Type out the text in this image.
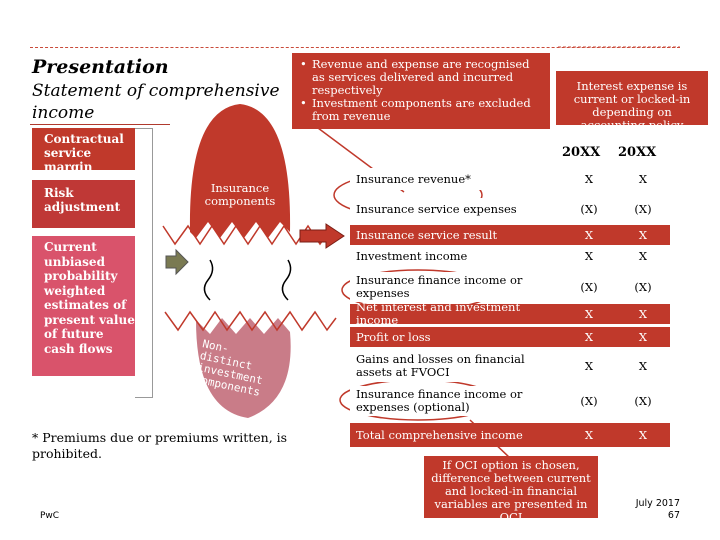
Presentation
Statement of comprehensive income
Contractual service margin
Risk adjustment
Current unbiased probability weighted estimates of present value of future cash flows
Insurance components
Non-distinct investment components
• Revenue and expense are recognised as services delivered and incurred respectively
• Investment components are excluded from revenue
Interest expense is current or locked-in depending on accounting policy choice
20XX 20XX
Insurance revenue*	X	X
Insurance service expenses	(X)	(X)
Insurance service result	X	X
Investment income	X	X
Insurance finance income or expenses	(X)	(X)
Net interest and investment income	X	X
Profit or loss	X	X
Gains and losses on financial assets at FVOCI	X	X
Insurance finance income or expenses (optional)	(X)	(X)
Total comprehensive income	X	X
If OCI option is chosen, difference between current and locked-in financial variables are presented in OCI
* Premiums due or premiums written, is prohibited.
PwC
July 2017
67
